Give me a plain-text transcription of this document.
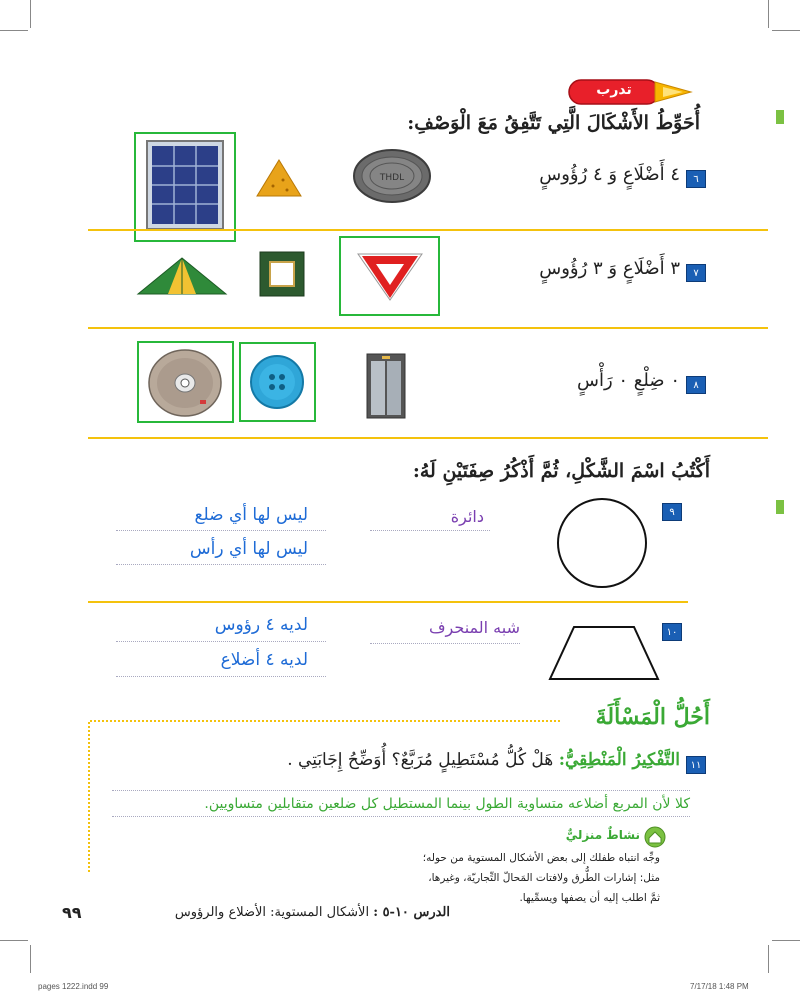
تدرب
أُحَوِّطُ الأَشْكَالَ الَّتِي تَتَّفِقُ مَعَ الْوَصْفِ:
٦
٤ أَضْلَاعٍ وَ ٤ رُؤُوسٍ
THDL
٧
٣ أَضْلَاعٍ وَ ٣ رُؤُوسٍ
٨
٠ ضِلْعٍ ٠ رَأْسٍ
أَكْتُبُ اسْمَ الشَّكْلِ، ثُمَّ أَذْكُرُ صِفَتَيْنِ لَهُ:
٩
دائرة
ليس لها أي ضلع
ليس لها أي رأس
١٠
شبه المنحرف
لديه ٤ رؤوس
لديه ٤ أضلاع
أَحُلُّ الْمَسْأَلَةَ
١١
التَّفْكِيرُ الْمَنْطِقِيُّ: هَلْ كُلُّ مُسْتَطِيلٍ مُرَبَّعٌ؟ أُوَضِّحُ إِجَابَتِي .
كلا لأن المربع أضلاعه متساوية الطول بينما المستطيل كل ضلعين متقابلين متساويين.
نشاطٌ منزليٌّ
وجِّه انتباه طفلك إلى بعض الأشكال المستوية من حوله؛
مثل: إشارات الطُّرق ولافتات المَحالّ التِّجاريّة، وغيرها،
ثمَّ اطلب إليه أن يصفها ويسمِّيها.
الدرس ١٠-٥ : الأشكال المستوية: الأضلاع والرؤوس
٩٩
pages 1222.indd 99	7/17/18 1:48 PM
